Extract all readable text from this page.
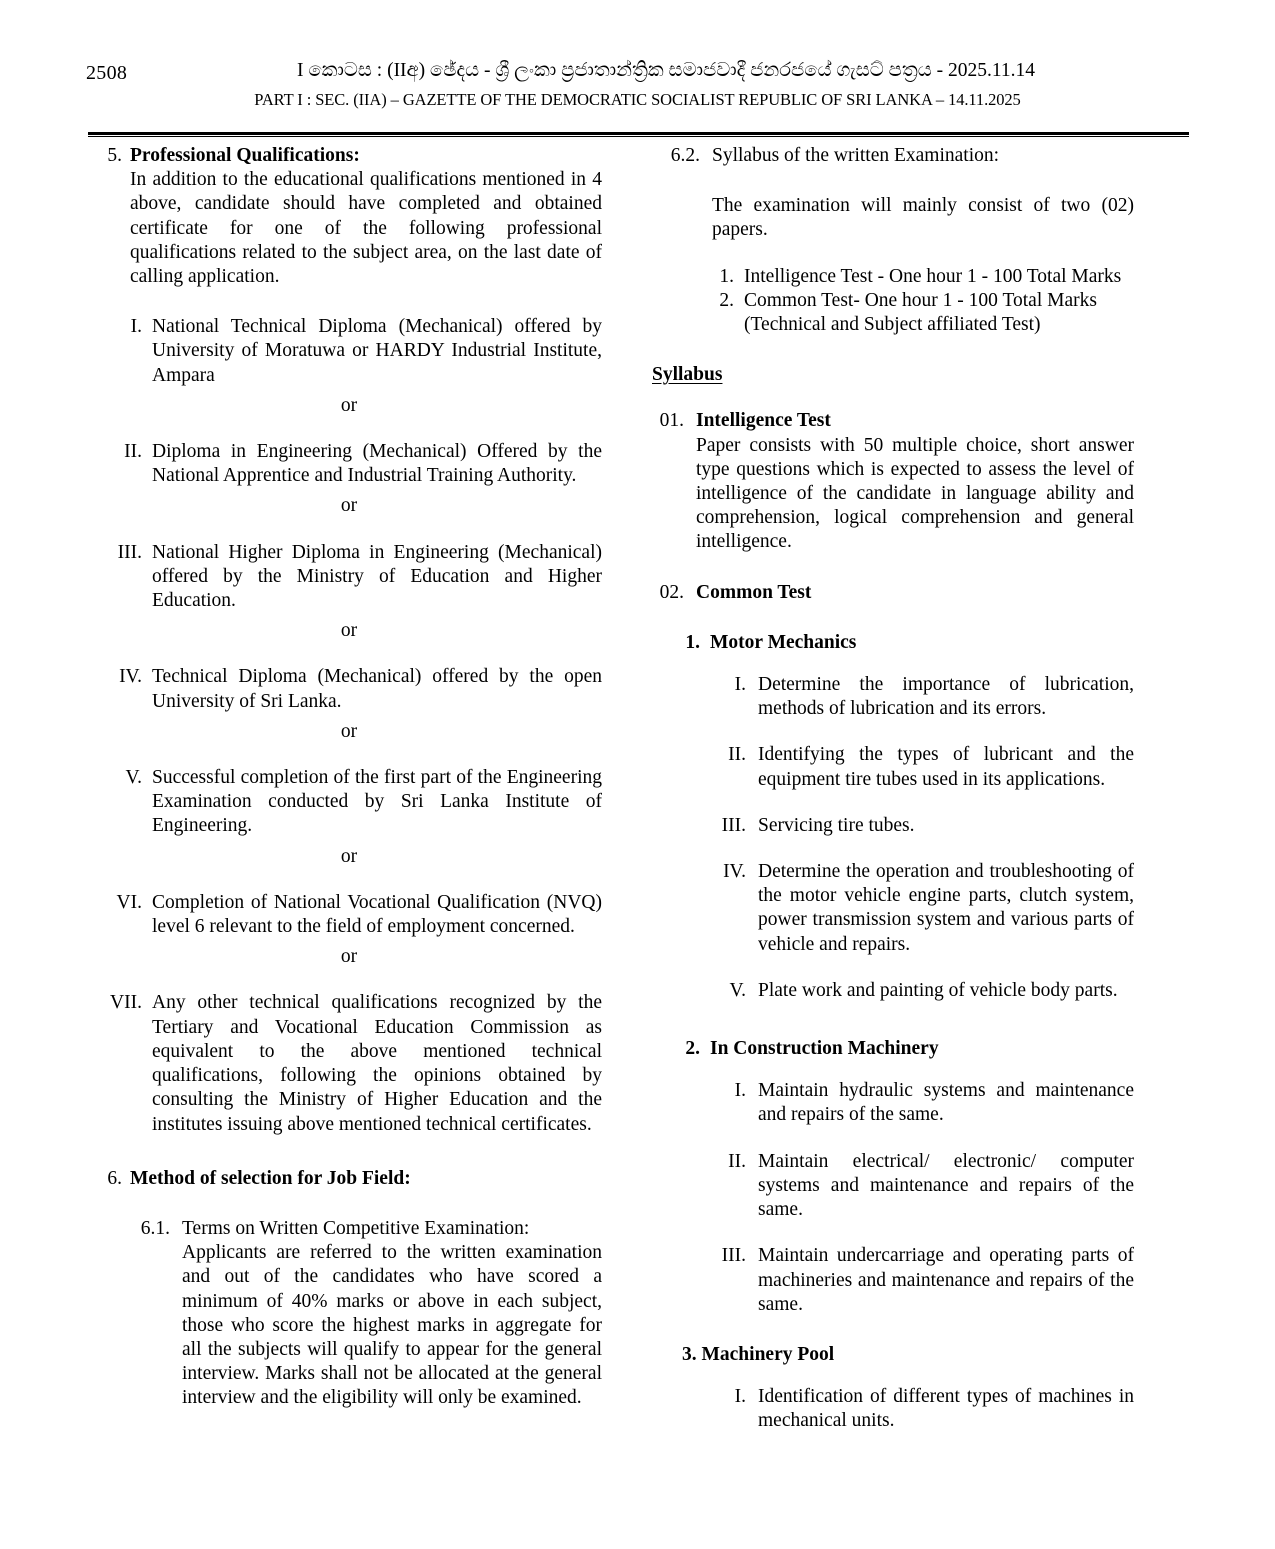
2508	I කොටස : (IIඅ) ඡේදය - ශ්‍රී ලංකා ප්‍රජාතාන්ත්‍රික සමාජවාදී ජනරජයේ ගැසට් පත්‍රය - 2025.11.14
PART I : SEC. (IIA) – GAZETTE OF THE DEMOCRATIC SOCIALIST REPUBLIC OF SRI LANKA – 14.11.2025
5. Professional Qualifications:
In addition to the educational qualifications mentioned in 4 above, candidate should have completed and obtained certificate for one of the following professional qualifications related to the subject area, on the last date of calling application.
I. National Technical Diploma (Mechanical) offered by University of Moratuwa or HARDY Industrial Institute, Ampara
or
II. Diploma in Engineering (Mechanical) Offered by the National Apprentice and Industrial Training Authority.
or
III. National Higher Diploma in Engineering (Mechanical) offered by the Ministry of Education and Higher Education.
or
IV. Technical Diploma (Mechanical) offered by the open University of Sri Lanka.
or
V. Successful completion of the first part of the Engineering Examination conducted by Sri Lanka Institute of Engineering.
or
VI. Completion of National Vocational Qualification (NVQ) level 6 relevant to the field of employment concerned.
or
VII. Any other technical qualifications recognized by the Tertiary and Vocational Education Commission as equivalent to the above mentioned technical qualifications, following the opinions obtained by consulting the Ministry of Higher Education and the institutes issuing above mentioned technical certificates.
6. Method of selection for Job Field:
6.1. Terms on Written Competitive Examination:
Applicants are referred to the written examination and out of the candidates who have scored a minimum of 40% marks or above in each subject, those who score the highest marks in aggregate for all the subjects will qualify to appear for the general interview. Marks shall not be allocated at the general interview and the eligibility will only be examined.
6.2. Syllabus of the written Examination:
The examination will mainly consist of two (02) papers.
1. Intelligence Test - One hour 1 - 100 Total Marks
2. Common Test- One hour 1 - 100 Total Marks (Technical and Subject affiliated Test)
Syllabus
01. Intelligence Test
Paper consists with 50 multiple choice, short answer type questions which is expected to assess the level of intelligence of the candidate in language ability and comprehension, logical comprehension and general intelligence.
02. Common Test
1. Motor Mechanics
I. Determine the importance of lubrication, methods of lubrication and its errors.
II. Identifying the types of lubricant and the equipment tire tubes used in its applications.
III. Servicing tire tubes.
IV. Determine the operation and troubleshooting of the motor vehicle engine parts, clutch system, power transmission system and various parts of vehicle and repairs.
V. Plate work and painting of vehicle body parts.
2. In Construction Machinery
I. Maintain hydraulic systems and maintenance and repairs of the same.
II. Maintain electrical/ electronic/ computer systems and maintenance and repairs of the same.
III. Maintain undercarriage and operating parts of machineries and maintenance and repairs of the same.
3. Machinery Pool
I. Identification of different types of machines in mechanical units.
